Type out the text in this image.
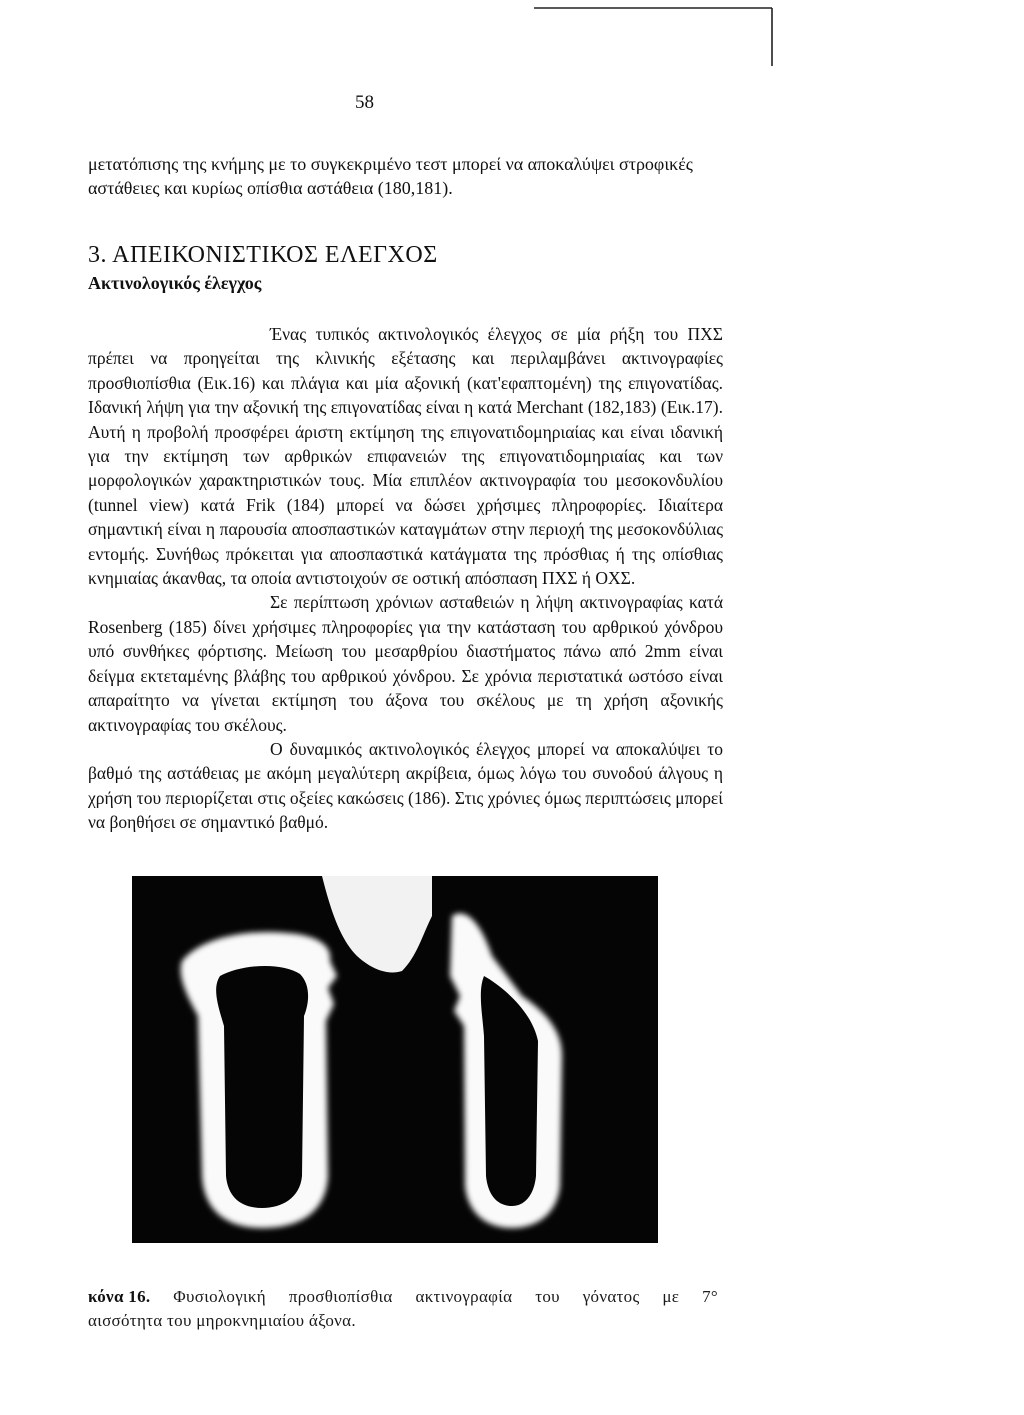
58

μετατόπισης της κνήμης με το συγκεκριμένο τεστ μπορεί να αποκαλύψει στροφικές αστάθειες και κυρίως οπίσθια αστάθεια (180,181).

3. ΑΠΕΙΚΟΝΙΣΤΙΚΟΣ ΕΛΕΓΧΟΣ
Ακτινολογικός έλεγχος

Ένας τυπικός ακτινολογικός έλεγχος σε μία ρήξη του ΠΧΣ πρέπει να προηγείται της κλινικής εξέτασης και περιλαμβάνει ακτινογραφίες προσθιοπίσθια (Εικ.16) και πλάγια και μία αξονική (κατ'εφαπτομένη) της επιγονατίδας. Ιδανική λήψη για την αξονική της επιγονατίδας είναι η κατά Merchant (182,183) (Εικ.17). Αυτή η προβολή προσφέρει άριστη εκτίμηση της επιγονατιδομηριαίας και είναι ιδανική για την εκτίμηση των αρθρικών επιφανειών της επιγονατιδομηριαίας και των μορφολογικών χαρακτηριστικών τους. Μία επιπλέον ακτινογραφία του μεσοκονδυλίου (tunnel view) κατά Frik (184) μπορεί να δώσει χρήσιμες πληροφορίες. Ιδιαίτερα σημαντική είναι η παρουσία αποσπαστικών καταγμάτων στην περιοχή της μεσοκονδύλιας εντομής. Συνήθως πρόκειται για αποσπαστικά κατάγματα της πρόσθιας ή της οπίσθιας κνημιαίας άκανθας, τα οποία αντιστοιχούν σε οστική απόσπαση ΠΧΣ ή ΟΧΣ.

Σε περίπτωση χρόνιων ασταθειών η λήψη ακτινογραφίας κατά Rosenberg (185) δίνει χρήσιμες πληροφορίες για την κατάσταση του αρθρικού χόνδρου υπό συνθήκες φόρτισης. Μείωση του μεσαρθρίου διαστήματος πάνω από 2mm είναι δείγμα εκτεταμένης βλάβης του αρθρικού χόνδρου. Σε χρόνια περιστατικά ωστόσο είναι απαραίτητο να γίνεται εκτίμηση του άξονα του σκέλους με τη χρήση αξονικής ακτινογραφίας του σκέλους.

Ο δυναμικός ακτινολογικός έλεγχος μπορεί να αποκαλύψει το βαθμό της αστάθειας με ακόμη μεγαλύτερη ακρίβεια, όμως λόγω του συνοδού άλγους η χρήση του περιορίζεται στις οξείες κακώσεις (186). Στις χρόνιες όμως περιπτώσεις μπορεί να βοηθήσει σε σημαντικό βαθμό.

κόνα 16. Φυσιολογική προσθιοπίσθια ακτινογραφία του γόνατος με 7°
αισσότητα του μηροκνημιαίου άξονα.
